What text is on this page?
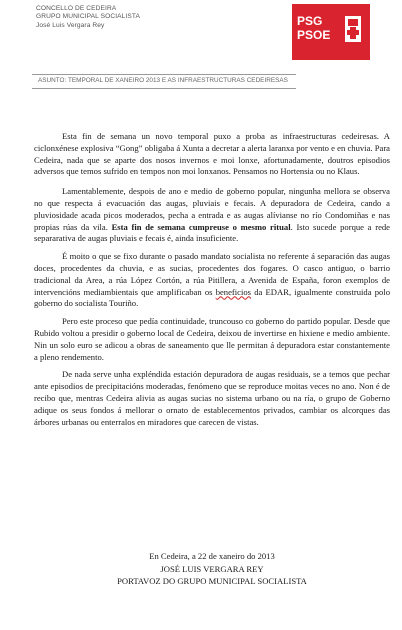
CONCELLO DE CEDEIRA
GRUPO MUNICIPAL SOCIALISTA
José Luis Vergara Rey	PSG
PSOE
ASUNTO: TEMPORAL DE XANEIRO 2013 E AS INFRAESTRUCTURAS CEDEIRESAS

Esta fin de semana un novo temporal puxo a proba as infraestructuras cedeiresas. A ciclonxénese explosiva “Gong” obligaba á Xunta a decretar a alerta laranxa por vento e en chuvia. Para Cedeira, nada que se aparte dos nosos invernos e moi lonxe, afortunadamente, doutros episodios adversos que temos sufrido en tempos non moi lonxanos. Pensamos no Hortensia ou no Klaus.

Lamentablemente, despois de ano e medio de goberno popular, ningunha mellora se observa no que respecta á evacuación das augas, pluviais e fecais. A depuradora de Cedeira, cando a pluviosidade acada picos moderados, pecha a entrada e as augas alívianse no río Condomiñas e nas propias rúas da vila. Esta fin de semana cumpreuse o mesmo ritual. Isto sucede porque a rede separarativa de augas pluviais e fecais é, ainda insuficiente.

É moito o que se fixo durante o pasado mandato socialista no referente á separación das augas doces, procedentes da chuvia, e as sucias, procedentes dos fogares. O casco antiguo, o barrio tradicional da Area, a rúa López Cortón, a rúa Pitillera, a Avenida de España, foron exemplos de intervencións mediambientais que amplificaban os beneficios da EDAR, igualmente construida polo goberno do socialista Touriño.

Pero este proceso que pedía continuidade, truncouso co goberno do partido popular. Desde que Rubido voltou a presidir o goberno local de Cedeira, deixou de invertirse en hixiene e medio ambiente. Nin un solo euro se adicou a obras de saneamento que lle permitan á depuradora estar constantemente a pleno rendemento.

De nada serve unha expléndida estación depuradora de augas residuais, se a temos que pechar ante episodios de precipitacións moderadas, fenómeno que se reproduce moitas veces no ano. Non é de recibo que, mentras Cedeira alivia as augas sucias no sistema urbano ou na ría, o grupo de Goberno adique os seus fondos á mellorar o ornato de establecementos privados, cambiar os alcorques das árbores urbanas ou enterralos en miradores que carecen de vistas.

En Cedeira, a 22 de xaneiro do 2013
JOSÉ LUIS VERGARA REY
PORTAVOZ DO GRUPO MUNICIPAL SOCIALISTA
